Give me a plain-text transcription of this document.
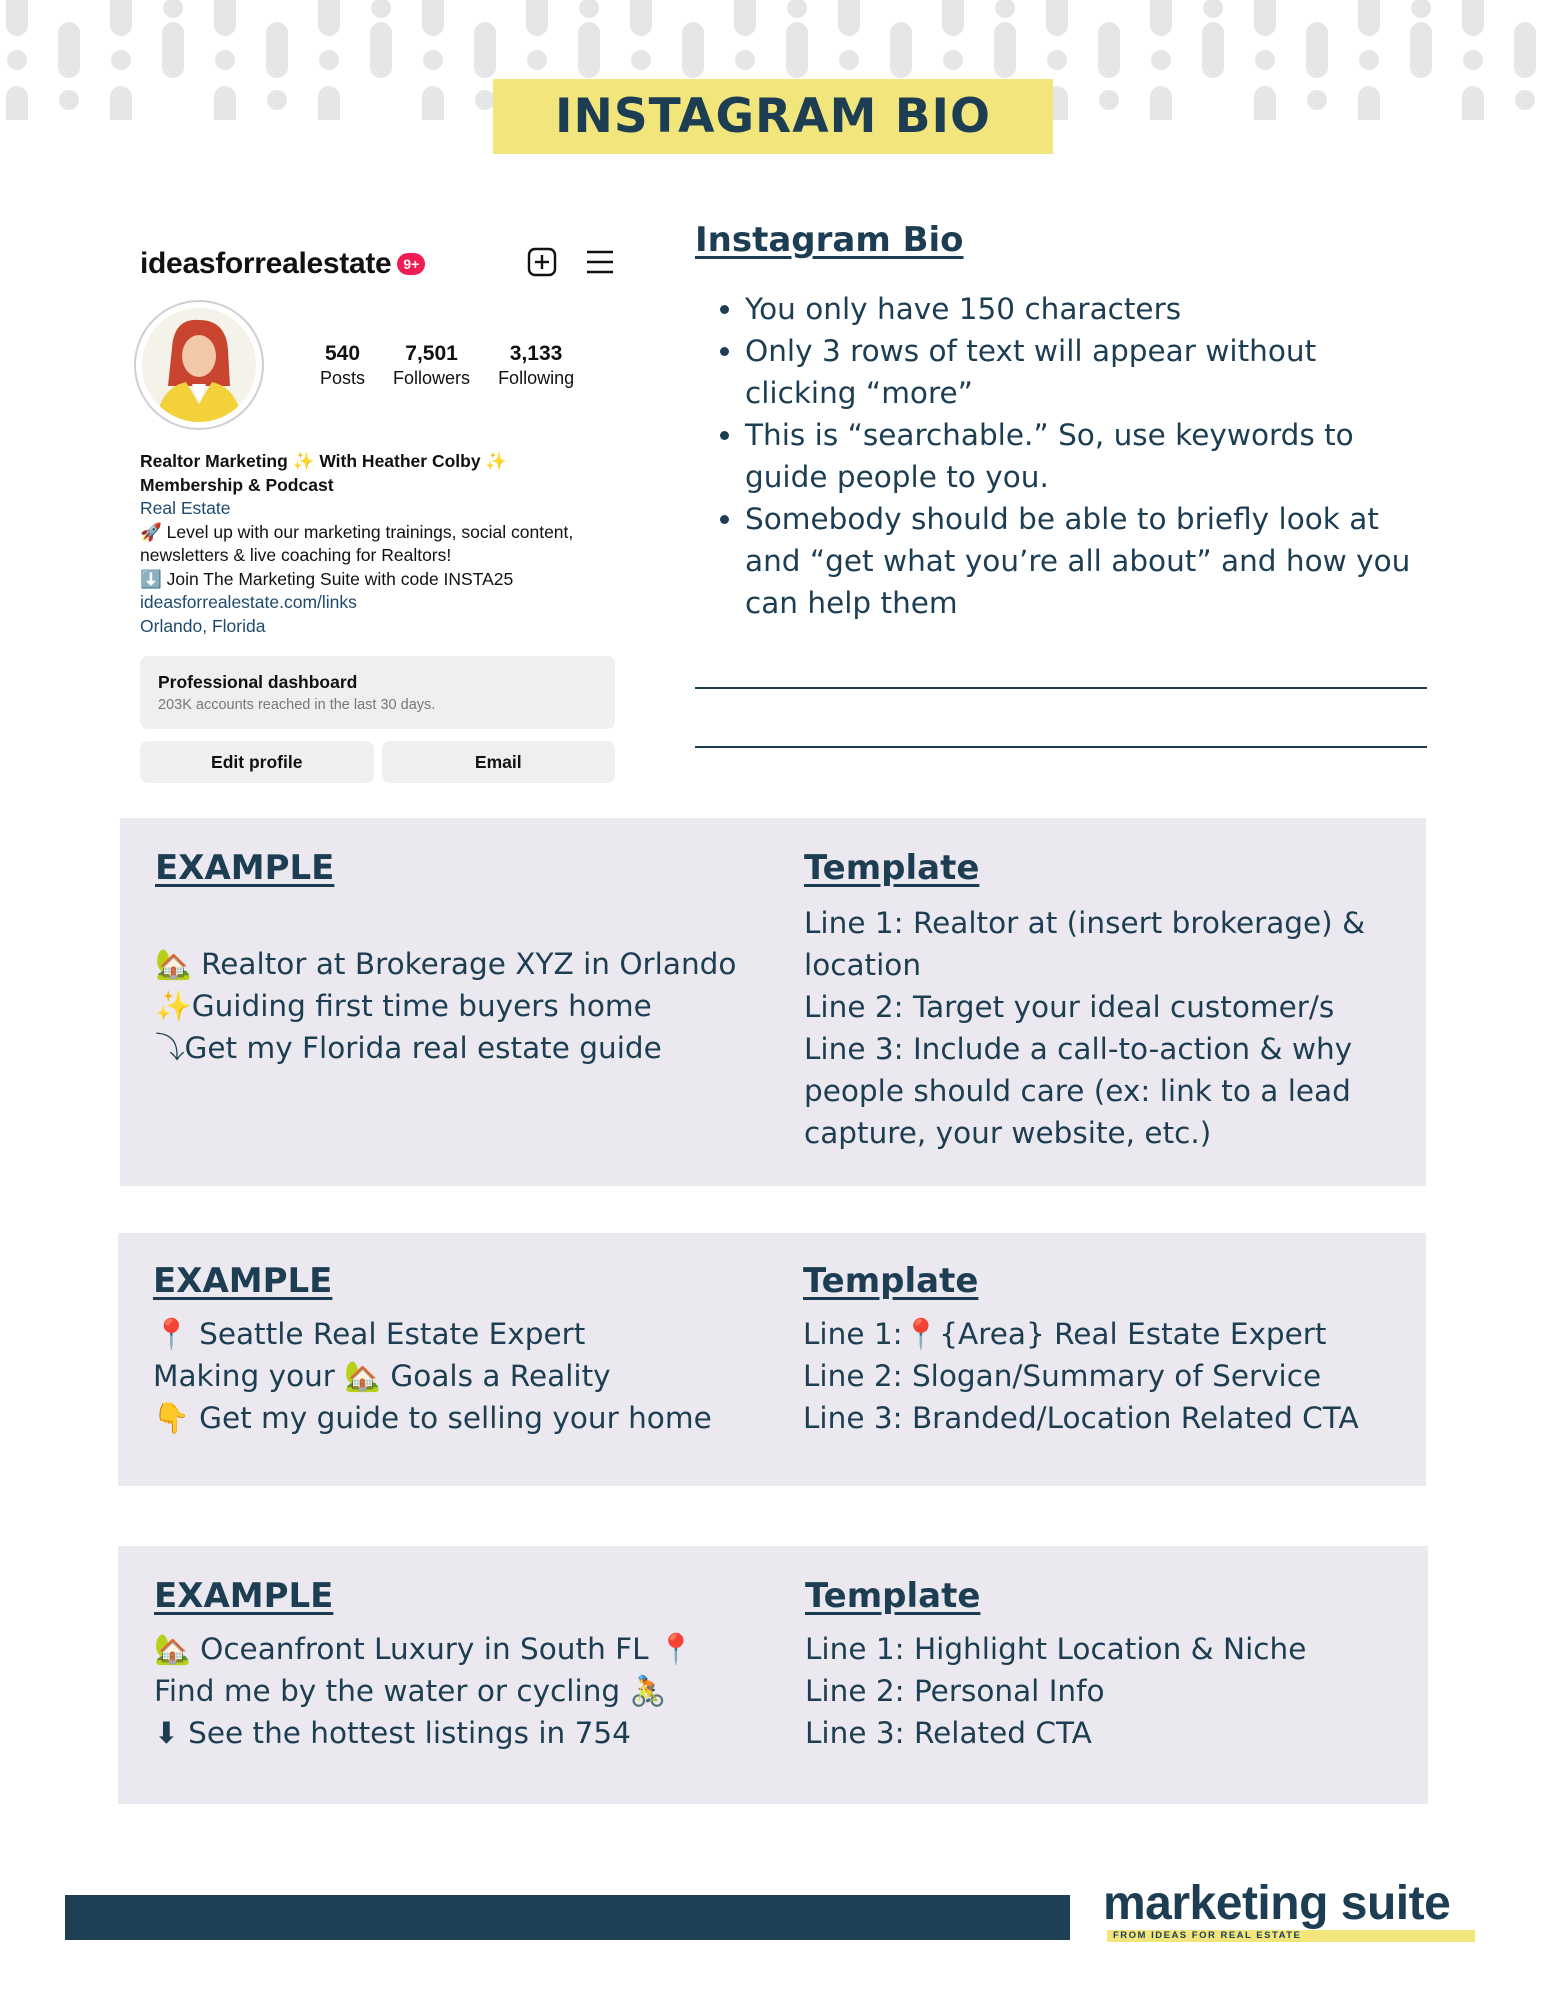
INSTAGRAM BIO
ideasforrealestate 9+
540
Posts
7,501
Followers
3,133
Following
Realtor Marketing ✨ With Heather Colby ✨ Membership & Podcast
Real Estate
🚀 Level up with our marketing trainings, social content, newsletters & live coaching for Realtors!
⬇️ Join The Marketing Suite with code INSTA25
ideasforrealestate.com/links
Orlando, Florida
Professional dashboard
203K accounts reached in the last 30 days.
Edit profile	Email
Instagram Bio
• You only have 150 characters
• Only 3 rows of text will appear without clicking “more”
• This is “searchable.” So, use keywords to guide people to you.
• Somebody should be able to briefly look at and “get what you’re all about” and how you can help them
EXAMPLE
🏡 Realtor at Brokerage XYZ in Orlando
✨Guiding first time buyers home
⤵Get my Florida real estate guide
Template
Line 1: Realtor at (insert brokerage) & location
Line 2: Target your ideal customer/s
Line 3: Include a call-to-action & why people should care (ex: link to a lead capture, your website, etc.)
EXAMPLE
📍 Seattle Real Estate Expert
Making your 🏡 Goals a Reality
👇 Get my guide to selling your home
Template
Line 1:📍{Area} Real Estate Expert
Line 2: Slogan/Summary of Service
Line 3: Branded/Location Related CTA
EXAMPLE
🏡 Oceanfront Luxury in South FL 📍
Find me by the water or cycling 🚴
⬇ See the hottest listings in 754
Template
Line 1: Highlight Location & Niche
Line 2: Personal Info
Line 3: Related CTA
marketing suite
FROM IDEAS FOR REAL ESTATE
